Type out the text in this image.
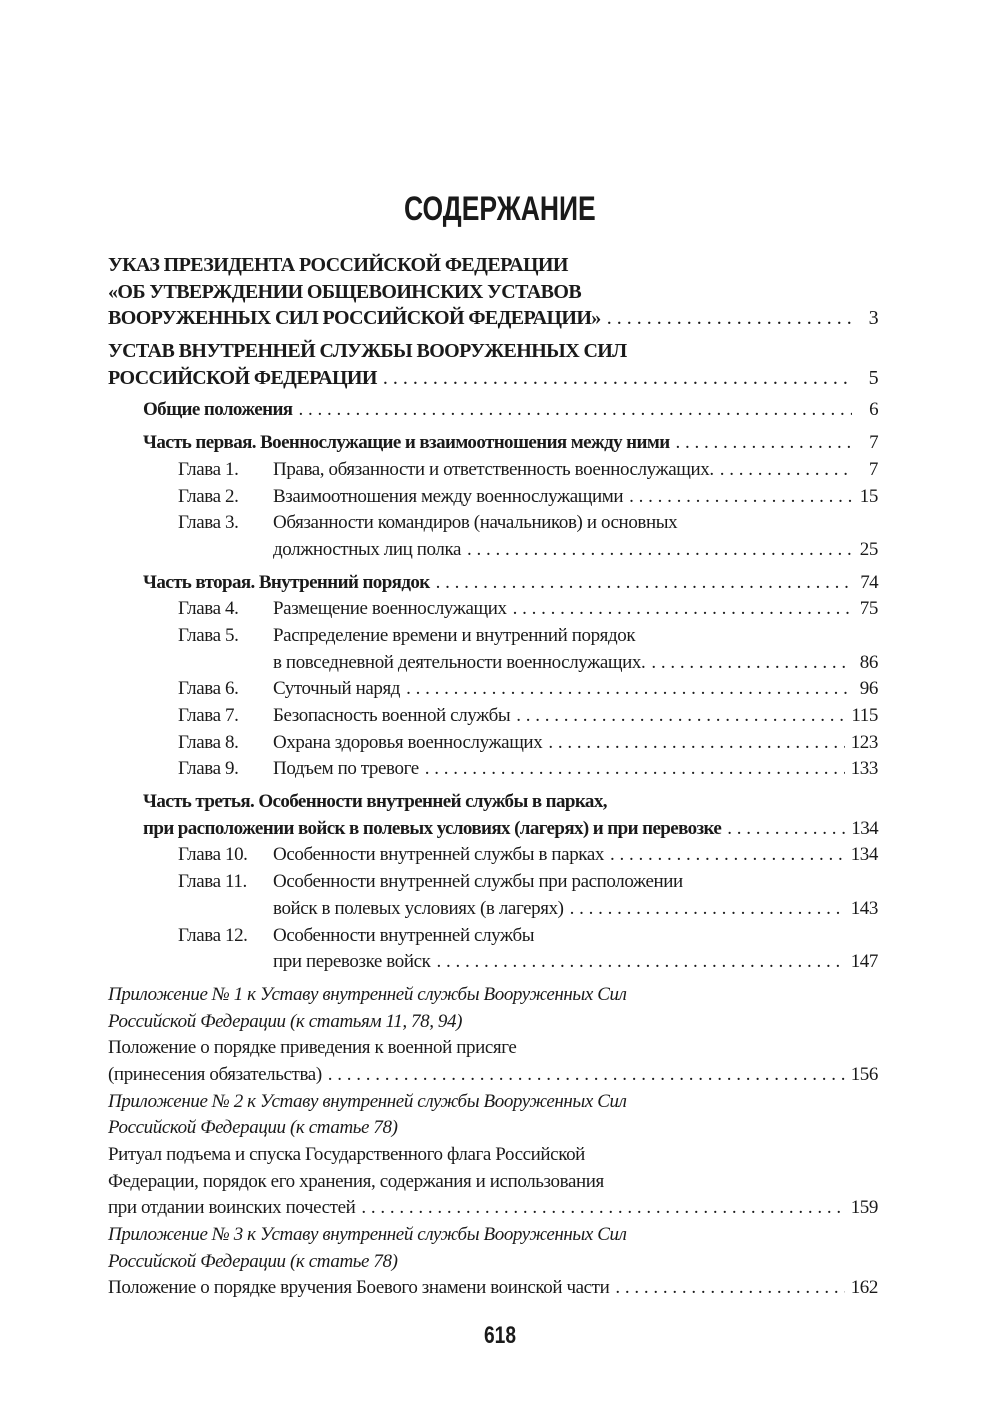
СОДЕРЖАНИЕ
УКАЗ ПРЕЗИДЕНТА РОССИЙСКОЙ ФЕДЕРАЦИИ
«ОБ УТВЕРЖДЕНИИ ОБЩЕВОИНСКИХ УСТАВОВ
ВООРУЖЕННЫХ СИЛ РОССИЙСКОЙ ФЕДЕРАЦИИ» . . .	3
УСТАВ ВНУТРЕННЕЙ СЛУЖБЫ ВООРУЖЕННЫХ СИЛ
РОССИЙСКОЙ ФЕДЕРАЦИИ . . .	5
Общие положения . . .	6
Часть первая. Военнослужащие и взаимоотношения между ними . . .	7
Глава 1.	Права, обязанности и ответственность военнослужащих. . . .	7
Глава 2.	Взаимоотношения между военнослужащими . . .	15
Глава 3.	Обязанности командиров (начальников) и основных
должностных лиц полка . . .	25
Часть вторая. Внутренний порядок . . .	74
Глава 4.	Размещение военнослужащих . . .	75
Глава 5.	Распределение времени и внутренний порядок
в повседневной деятельности военнослужащих. . . .	86
Глава 6.	Суточный наряд . . .	96
Глава 7.	Безопасность военной службы . . .	115
Глава 8.	Охрана здоровья военнослужащих . . .	123
Глава 9.	Подъем по тревоге . . .	133
Часть третья. Особенности внутренней службы в парках,
при расположении войск в полевых условиях (лагерях) и при перевозке . . .	134
Глава 10.	Особенности внутренней службы в парках . . .	134
Глава 11.	Особенности внутренней службы при расположении
войск в полевых условиях (в лагерях) . . .	143
Глава 12.	Особенности внутренней службы
при перевозке войск . . .	147
Приложение № 1 к Уставу внутренней службы Вооруженных Сил
Российской Федерации (к статьям 11, 78, 94)
Положение о порядке приведения к военной присяге
(принесения обязательства) . . .	156
Приложение № 2 к Уставу внутренней службы Вооруженных Сил
Российской Федерации (к статье 78)
Ритуал подъема и спуска Государственного флага Российской
Федерации, порядок его хранения, содержания и использования
при отдании воинских почестей . . .	159
Приложение № 3 к Уставу внутренней службы Вооруженных Сил
Российской Федерации (к статье 78)
Положение о порядке вручения Боевого знамени воинской части . . .	162
618
